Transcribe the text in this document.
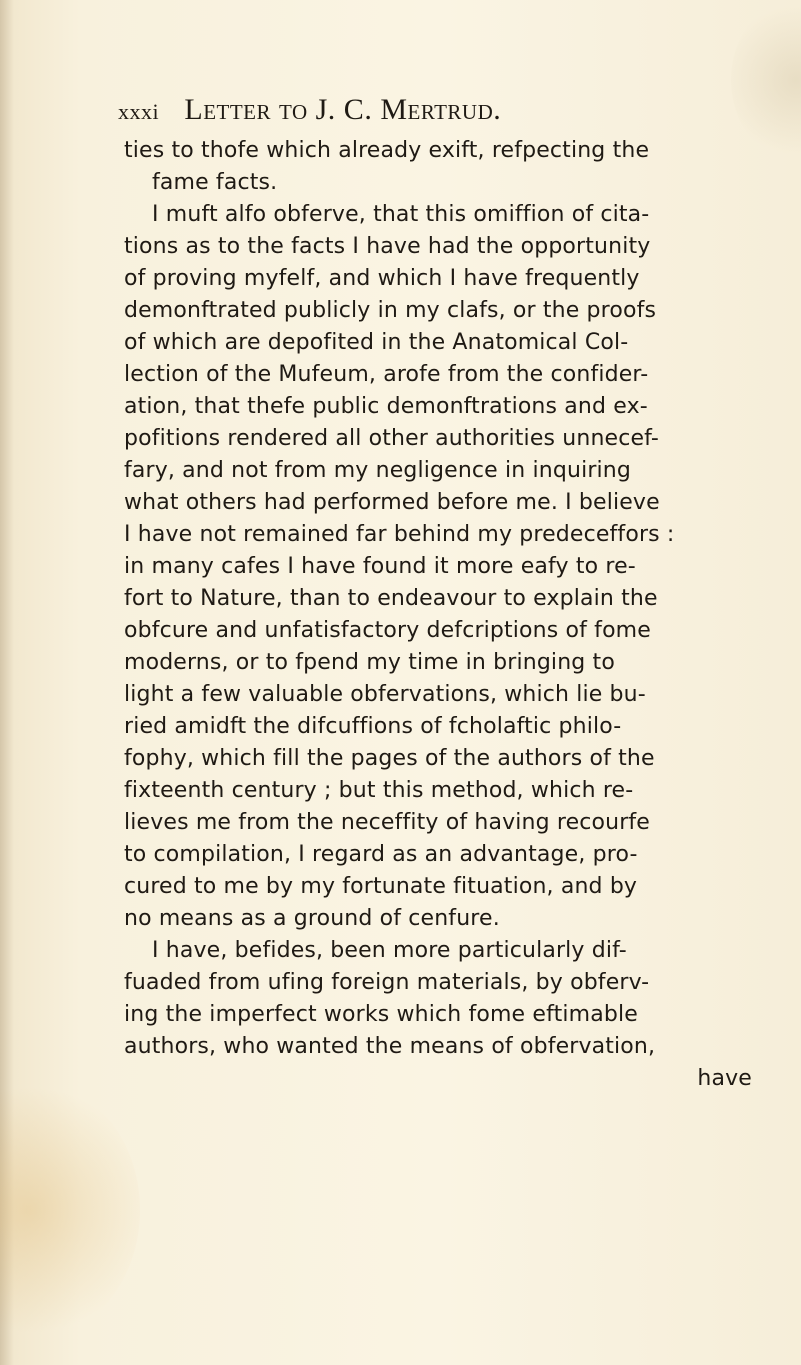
xxxi Letter to J. C. Mertrud.
ties to thofe which already exift, refpecting the
fame facts.
I muft alfo obferve, that this omiffion of cita-
tions as to the facts I have had the opportunity
of proving myfelf, and which I have frequently
demonftrated publicly in my clafs, or the proofs
of which are depofited in the Anatomical Col-
lection of the Mufeum, arofe from the confider-
ation, that thefe public demonftrations and ex-
pofitions rendered all other authorities unnecef-
fary, and not from my negligence in inquiring
what others had performed before me. I believe
I have not remained far behind my predeceffors :
in many cafes I have found it more eafy to re-
fort to Nature, than to endeavour to explain the
obfcure and unfatisfactory defcriptions of fome
moderns, or to fpend my time in bringing to
light a few valuable obfervations, which lie bu-
ried amidft the difcuffions of fcholaftic philo-
fophy, which fill the pages of the authors of the
fixteenth century ; but this method, which re-
lieves me from the neceffity of having recourfe
to compilation, I regard as an advantage, pro-
cured to me by my fortunate fituation, and by
no means as a ground of cenfure.
I have, befides, been more particularly dif-
fuaded from ufing foreign materials, by obferv-
ing the imperfect works which fome eftimable
authors, who wanted the means of obfervation,
have
